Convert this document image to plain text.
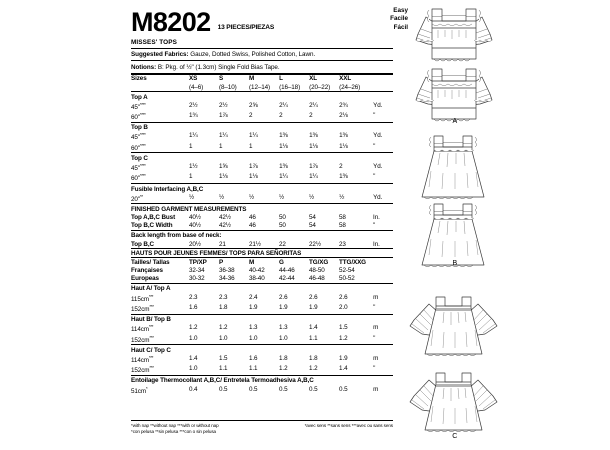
Easy
Facile
Fácil
M8202 13 PIECES/PIEZAS
MISSES' TOPS
Suggested Fabrics: Gauze, Dotted Swiss, Polished Cotton, Lawn.
Notions: B: Pkg. of ½" (1.3cm) Single Fold Bias Tape.
Sizes	XS	S	M	L	XL	XXL	
	(4–6)	(8–10)	(12–14)	(16–18)	(20–22)	(24–26)	
Top A							
45"****	2½	2½	2⅝	2¼	2¼	2¾	Yd.
60"****	1¾	1⅞	2	2	2	2⅛	"
Top B							
45"****	1¼	1¼	1¼	1⅜	1⅜	1⅜	Yd.
60"****	1	1	1	1⅛	1⅛	1⅛	"
Top C							
45"****	1½	1⅝	1⅞	1⅜	1⅞	2	Yd.
60"****	1	1⅛	1⅛	1¼	1¼	1⅜	"
Fusible Interfacing A,B,C
20"**	½	½	½	½	½	½	Yd.
FINISHED GARMENT MEASUREMENTS							
Top A,B,C Bust	40½	42½	46	50	54	58	In.
Top B,C Width	40½	42½	46	50	54	58	"
Back length from base of neck:							
Top B,C	20½	21	21½	22	22½	23	In.
HAUTS POUR JEUNES FEMMES/ TOPS PARA SEÑORITAS							
Tailles/ Tallas	TP/XP	P	M	G	TG/XG	TTG/XXG	
Françaises	32-34	36-38	40-42	44-46	48-50	52-54	
Europeas	30-32	34-36	38-40	42-44	46-48	50-52	
Haut A/ Top A							
115cm***	2.3	2.3	2.4	2.6	2.6	2.6	m
152cm***	1.6	1.8	1.9	1.9	1.9	2.0	"
Haut B/ Top B							
114cm***	1.2	1.2	1.3	1.3	1.4	1.5	m
152cm***	1.0	1.0	1.0	1.0	1.1	1.2	"
Haut C/ Top C							
114cm***	1.4	1.5	1.6	1.8	1.8	1.9	m
152cm***	1.0	1.1	1.1	1.2	1.2	1.4	"
Entoilage Thermocollant A,B,C/ Entretela Termoadhesiva A,B,C							
51cm*	0.4	0.5	0.5	0.5	0.5	0.5	m
*with nap **without nap ***with or without nap
*con pelusa **sin pelusa ***con o sin pelusa
*avec sens **sans sens ***avec ou sans sens
A
B
C
